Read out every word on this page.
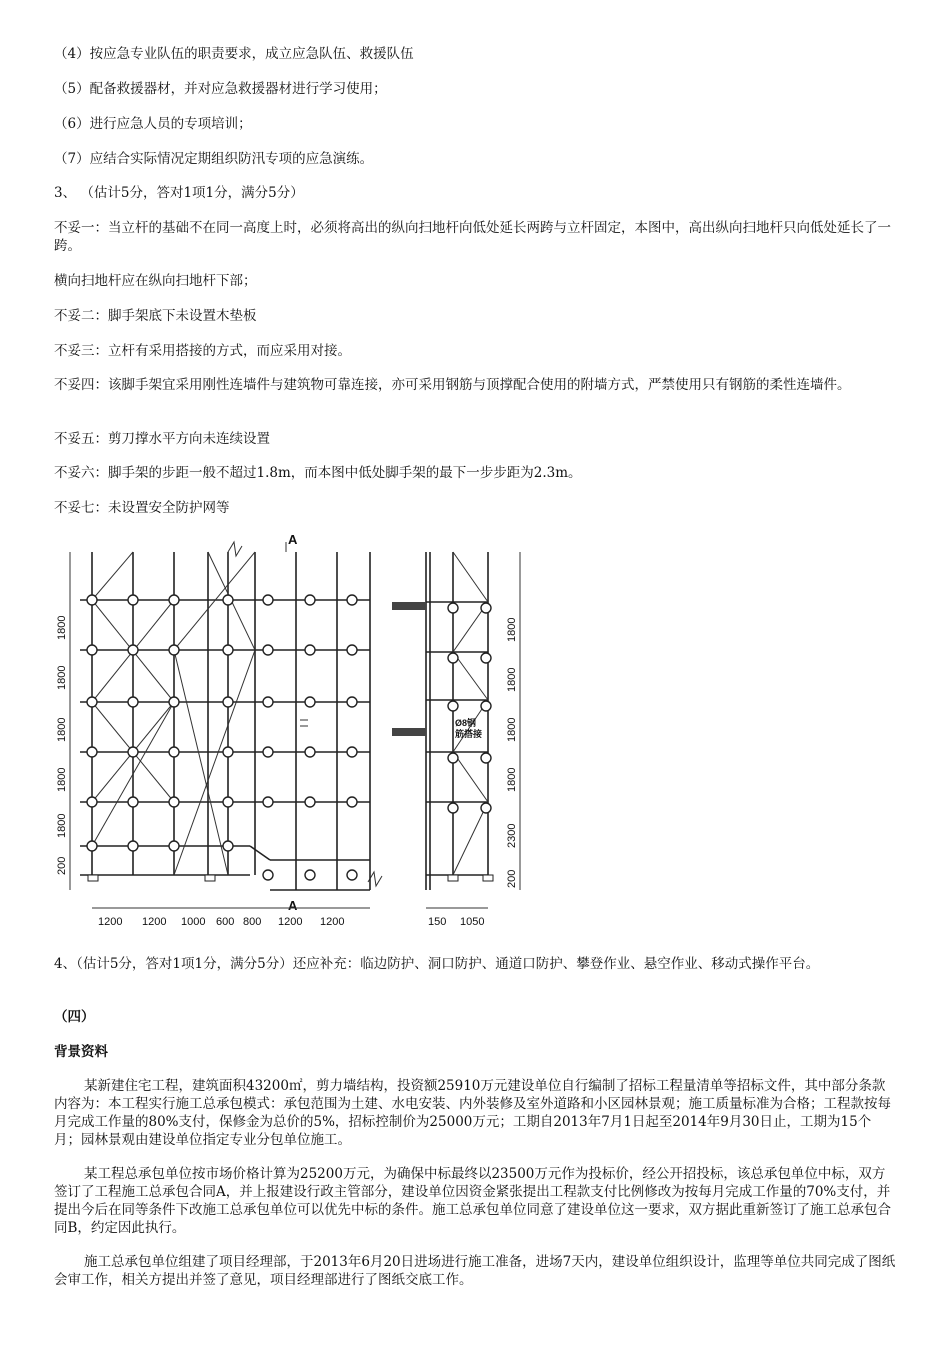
（4）按应急专业队伍的职责要求，成立应急队伍、救援队伍

（5）配备救援器材，并对应急救援器材进行学习使用；

（6）进行应急人员的专项培训；

（7）应结合实际情况定期组织防汛专项的应急演练。

3、 （估计5分，答对1项1分，满分5分）

不妥一：当立杆的基础不在同一高度上时，必须将高出的纵向扫地杆向低处延长两跨与立杆固定，本图中，高出纵向扫地杆只向低处延长了一跨。

横向扫地杆应在纵向扫地杆下部；

不妥二：脚手架底下未设置木垫板

不妥三：立杆有采用搭接的方式，而应采用对接。

不妥四：该脚手架宜采用刚性连墙件与建筑物可靠连接，亦可采用钢筋与顶撑配合使用的附墙方式，严禁使用只有钢筋的柔性连墙件。

不妥五：剪刀撑水平方向未连续设置

不妥六：脚手架的步距一般不超过1.8m，而本图中低处脚手架的最下一步步距为2.3m。

不妥七：未设置安全防护网等

A
A
1800
1800
1800
1800
1800
200
1200 1200 1000 600 800 1200 1200
Ø8钢
筋搭接
1800
1800
1800
1800
2300
200
150 1050

4、（估计5分，答对1项1分，满分5分）还应补充：临边防护、洞口防护、通道口防护、攀登作业、悬空作业、移动式操作平台。

（四）

背景资料

某新建住宅工程，建筑面积43200㎡，剪力墙结构，投资额25910万元建设单位自行编制了招标工程量清单等招标文件，其中部分条款内容为：本工程实行施工总承包模式：承包范围为土建、水电安装、内外装修及室外道路和小区园林景观；施工质量标准为合格；工程款按每月完成工作量的80%支付，保修金为总价的5%，招标控制价为25000万元；工期自2013年7月1日起至2014年9月30日止，工期为15个月；园林景观由建设单位指定专业分包单位施工。

某工程总承包单位按市场价格计算为25200万元，为确保中标最终以23500万元作为投标价，经公开招投标，该总承包单位中标，双方签订了工程施工总承包合同A，并上报建设行政主管部分，建设单位因资金紧张提出工程款支付比例修改为按每月完成工作量的70%支付，并提出今后在同等条件下改施工总承包单位可以优先中标的条件。施工总承包单位同意了建设单位这一要求，双方据此重新签订了施工总承包合同B，约定因此执行。

施工总承包单位组建了项目经理部，于2013年6月20日进场进行施工准备，进场7天内，建设单位组织设计，监理等单位共同完成了图纸会审工作，相关方提出并签了意见，项目经理部进行了图纸交底工作。
